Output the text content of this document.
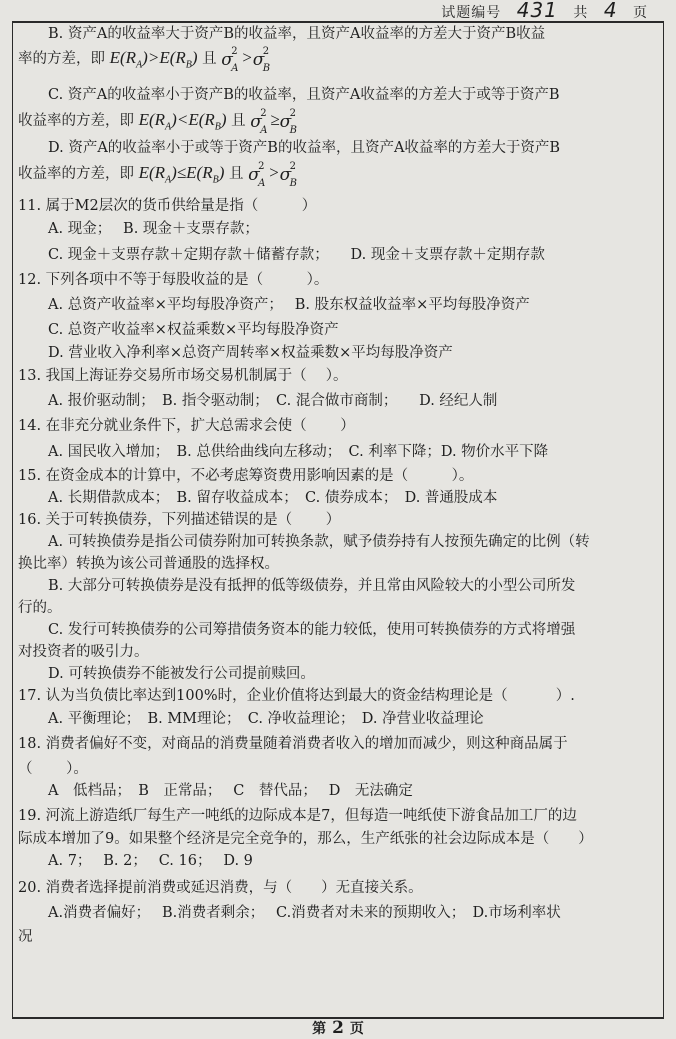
试题编号 431 共 4 页
B. 资产A的收益率大于资产B的收益率，且资产A收益率的方差大于资产B收益
率的方差，即 $E(R_A)>E(R_B)$ 且 σ
2
A
>σ
2
B
C. 资产A的收益率小于资产B的收益率，且资产A收益率的方差大于或等于资产B
收益率的方差，即 $E(R_A)<E(R_B)$ 且 σ
2
A
≥σ
2
B
D. 资产A的收益率小于或等于资产B的收益率，且资产A收益率的方差大于资产B
收益率的方差，即 $E(R_A)\le E(R_B)$ 且 σ
2
A
>σ
2
B
11. 属于M2层次的货币供给量是指（　　　）
A. 现金；　 B. 现金＋支票存款；
C. 现金＋支票存款＋定期存款＋储蓄存款；　　D. 现金＋支票存款＋定期存款
12. 下列各项中不等于每股收益的是（　　　）。
A. 总资产收益率×平均每股净资产；　 B. 股东权益收益率×平均每股净资产
C. 总资产收益率×权益乘数×平均每股净资产
D. 营业收入净利率×总资产周转率×权益乘数×平均每股净资产
13. 我国上海证券交易所市场交易机制属于（　 ）。
A. 报价驱动制；　B. 指令驱动制；　C. 混合做市商制；　　D. 经纪人制
14. 在非充分就业条件下，扩大总需求会使（　　 ）
A. 国民收入增加；　B. 总供给曲线向左移动；　C. 利率下降；D. 物价水平下降
15. 在资金成本的计算中，不必考虑筹资费用影响因素的是（　　　）。
A. 长期借款成本；　B. 留存收益成本；　C. 债券成本；　D. 普通股成本
16. 关于可转换债券，下列描述错误的是（　　 ）
A. 可转换债券是指公司债券附加可转换条款，赋予债券持有人按预先确定的比例（转
换比率）转换为该公司普通股的选择权。
B. 大部分可转换债券是没有抵押的低等级债券，并且常由风险较大的小型公司所发
行的。
C. 发行可转换债券的公司筹措债务资本的能力较低，使用可转换债券的方式将增强
对投资者的吸引力。
D. 可转换债券不能被发行公司提前赎回。
17. 认为当负债比率达到100%时，企业价值将达到最大的资金结构理论是（　　　 ）.
A. 平衡理论；　B. MM理论；　C. 净收益理论；　D. 净营业收益理论
18. 消费者偏好不变，对商品的消费量随着消费者收入的增加而减少，则这种商品属于
（　　 ）。
A　低档品；　B　正常品；　 C　替代品；　 D　无法确定
19. 河流上游造纸厂每生产一吨纸的边际成本是7，但每造一吨纸使下游食品加工厂的边
际成本增加了9。如果整个经济是完全竞争的，那么，生产纸张的社会边际成本是（　　）
A. 7；　 B. 2；　 C. 16；　 D. 9
20. 消费者选择提前消费或延迟消费，与（　　）无直接关系。
A.消费者偏好；　 B.消费者剩余；　 C.消费者对未来的预期收入；　D.市场利率状
况
第 2 页
